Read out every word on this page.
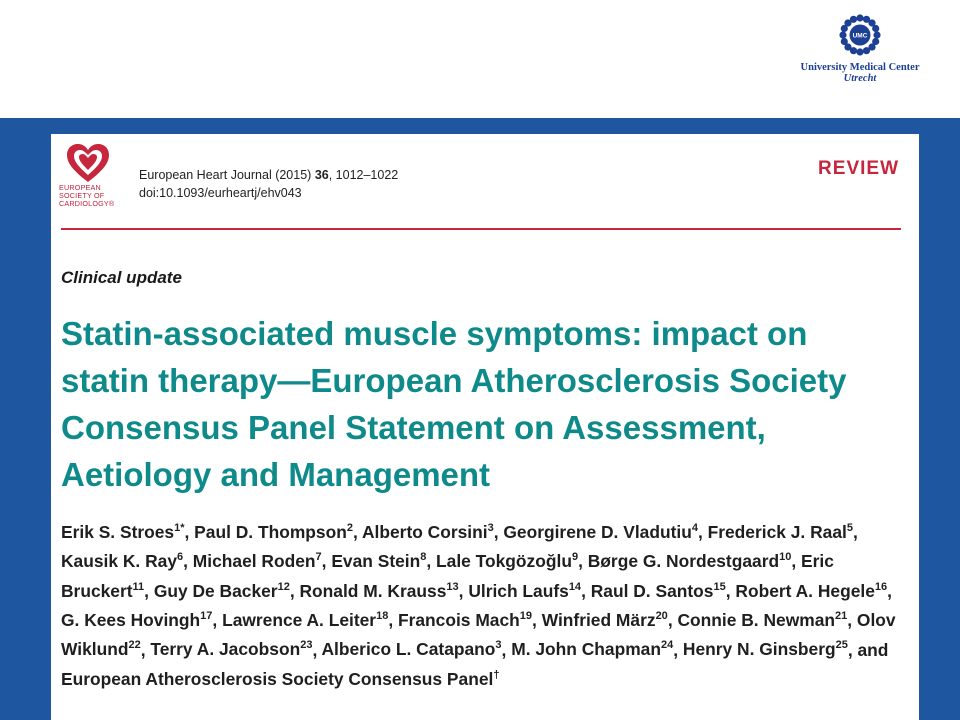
UMC
University Medical Center
Utrecht
EUROPEAN
SOCIETY OF
CARDIOLOGY®
European Heart Journal (2015) 36, 1012–1022
doi:10.1093/eurheartj/ehv043
REVIEW
Clinical update
Statin-associated muscle symptoms: impact on statin therapy—European Atherosclerosis Society Consensus Panel Statement on Assessment, Aetiology and Management

Erik S. Stroes$^{1*}$, Paul D. Thompson$^2$, Alberto Corsini$^3$, Georgirene D. Vladutiu$^4$, Frederick J. Raal$^5$, Kausik K. Ray$^6$, Michael Roden$^7$, Evan Stein$^8$, Lale Tokgözoğlu$^9$, Børge G. Nordestgaard$^{10}$, Eric Bruckert$^{11}$, Guy De Backer$^{12}$, Ronald M. Krauss$^{13}$, Ulrich Laufs$^{14}$, Raul D. Santos$^{15}$, Robert A. Hegele$^{16}$, G. Kees Hovingh$^{17}$, Lawrence A. Leiter$^{18}$, Francois Mach$^{19}$, Winfried März$^{20}$, Connie B. Newman$^{21}$, Olov Wiklund$^{22}$, Terry A. Jacobson$^{23}$, Alberico L. Catapano$^3$, M. John Chapman$^{24}$, Henry N. Ginsberg$^{25}$, and European Atherosclerosis Society Consensus Panel†
